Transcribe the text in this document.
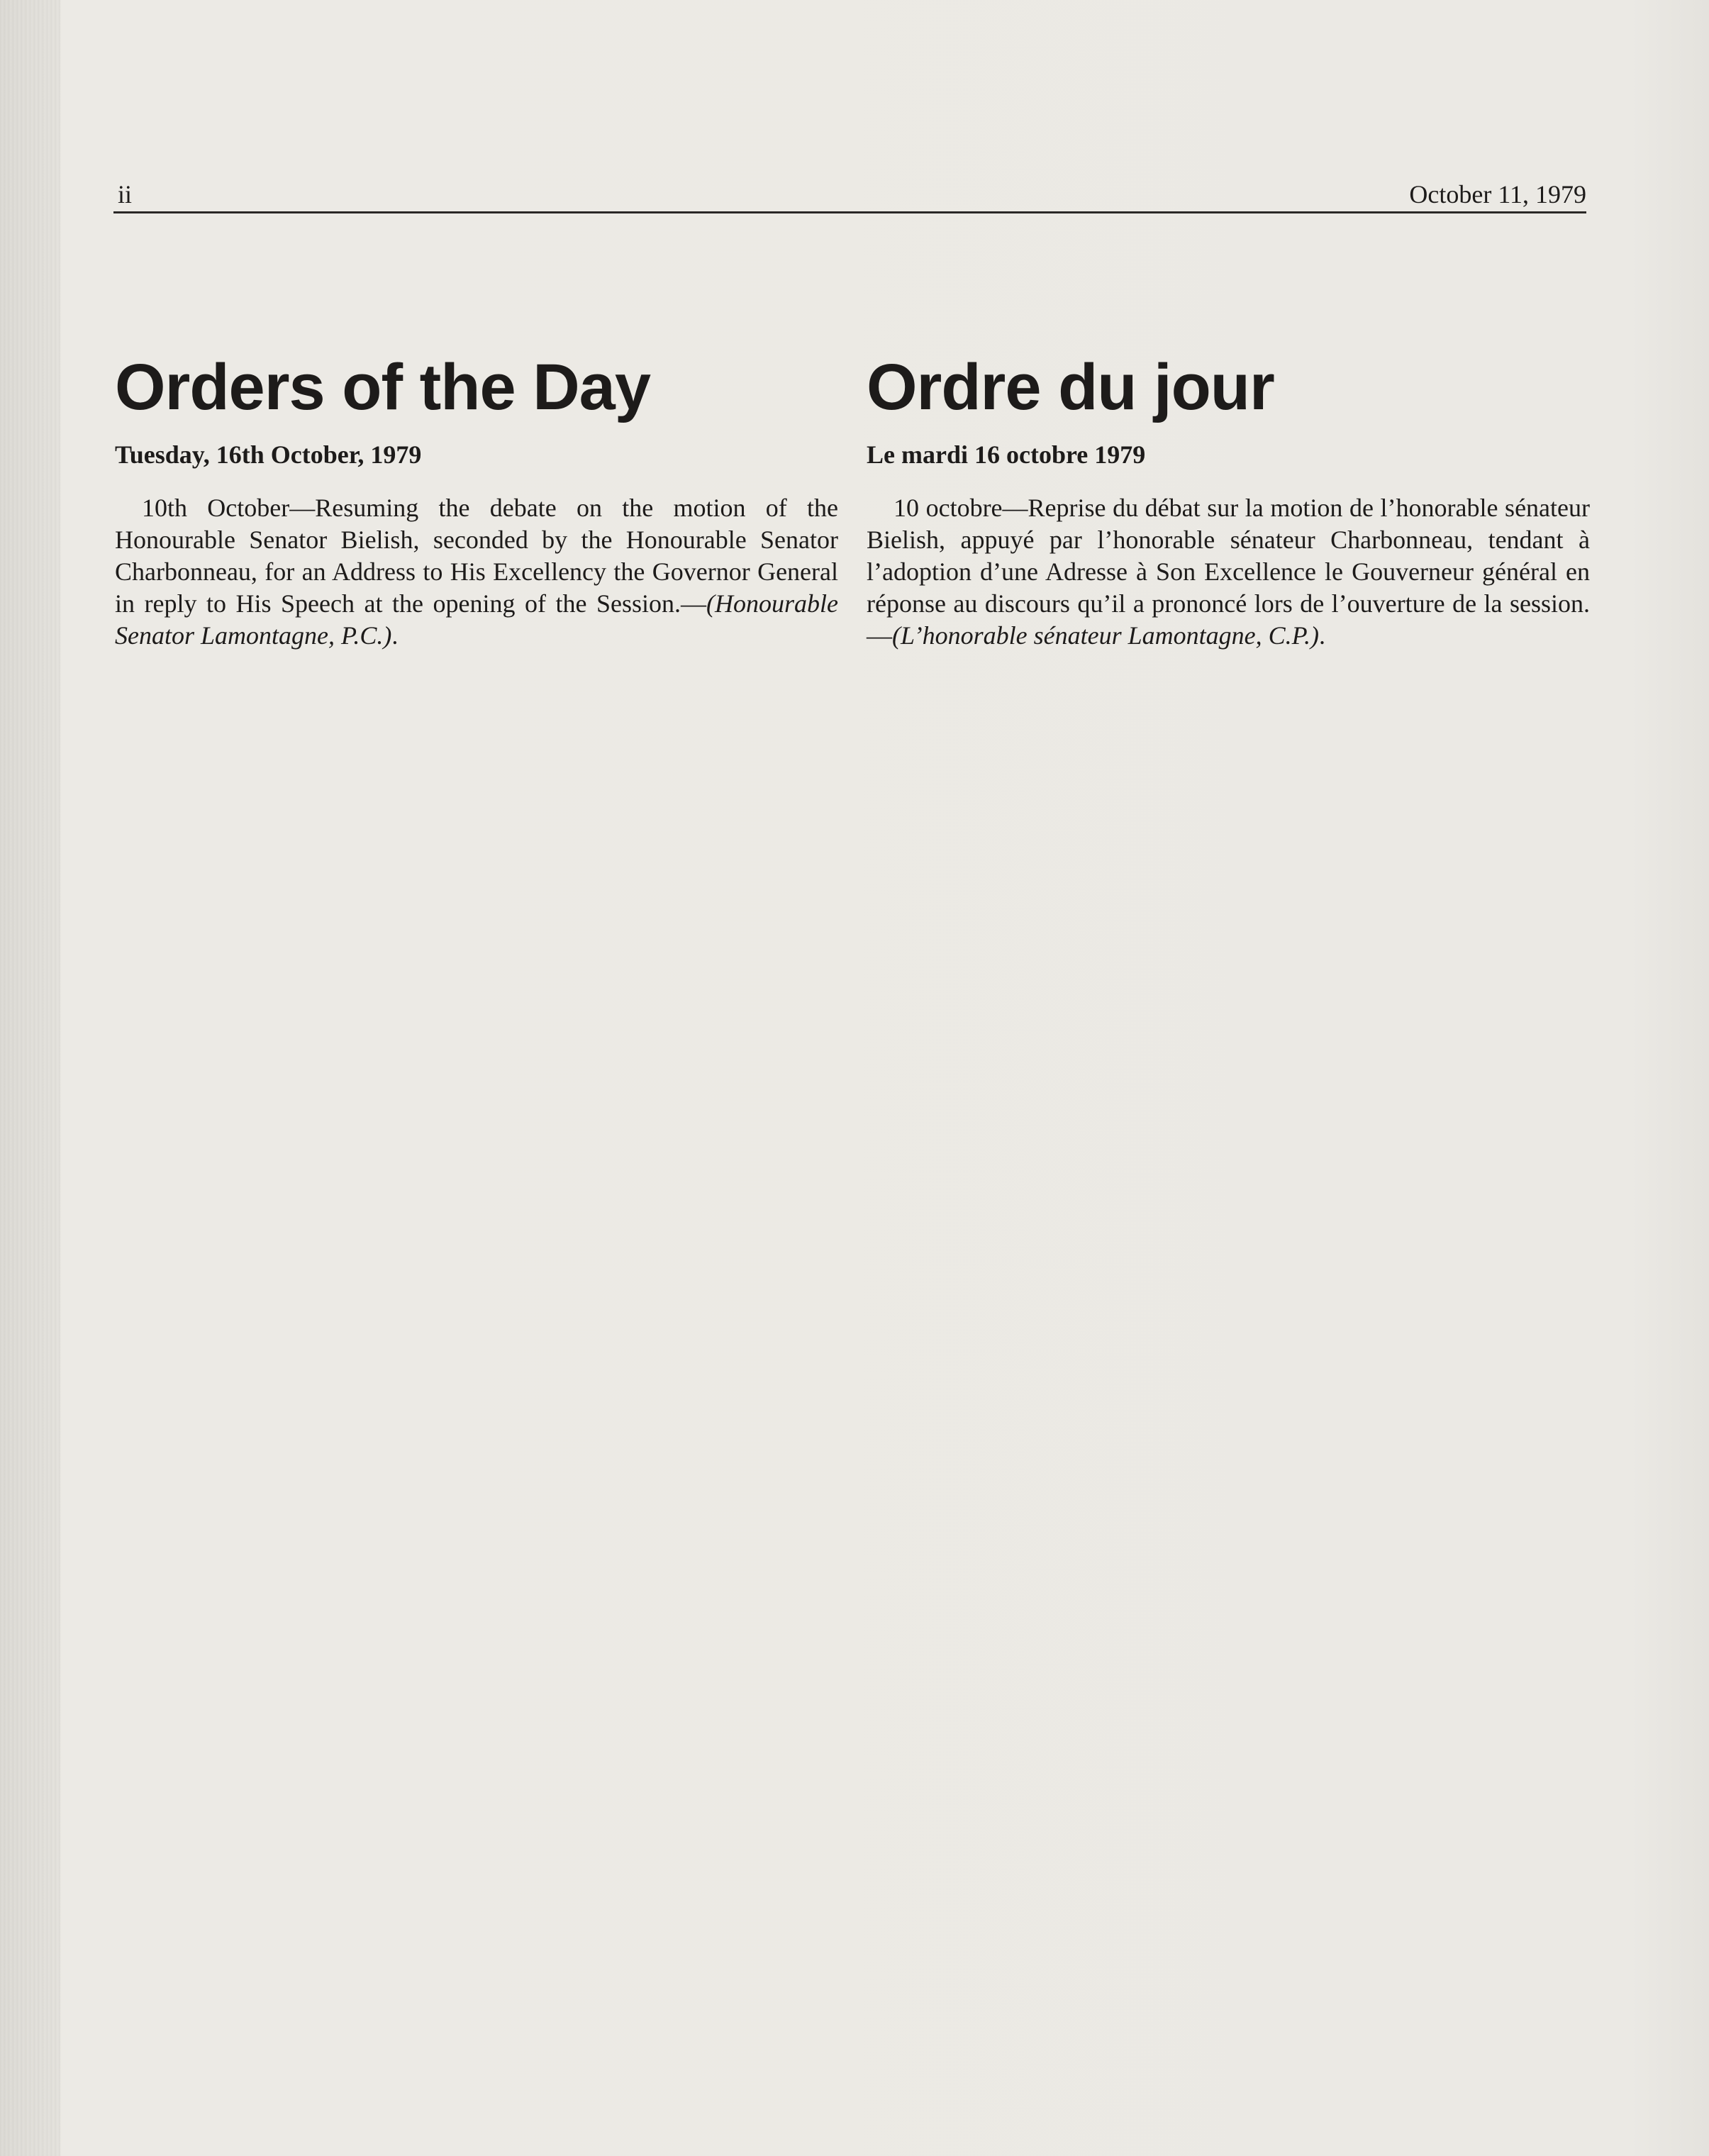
ii	October 11, 1979
Orders of the Day
Tuesday, 16th October, 1979

10th October—Resuming the debate on the motion of the Honourable Senator Bielish, seconded by the Honourable Senator Charbonneau, for an Address to His Excellency the Governor General in reply to His Speech at the opening of the Session.—(Honourable Senator Lamontagne, P.C.).

Ordre du jour
Le mardi 16 octobre 1979

10 octobre—Reprise du débat sur la motion de l’honorable sénateur Bielish, appuyé par l’honorable sénateur Charbonneau, tendant à l’adoption d’une Adresse à Son Excellence le Gouverneur général en réponse au discours qu’il a prononcé lors de l’ouverture de la session.—(L’honorable sénateur Lamontagne, C.P.).
